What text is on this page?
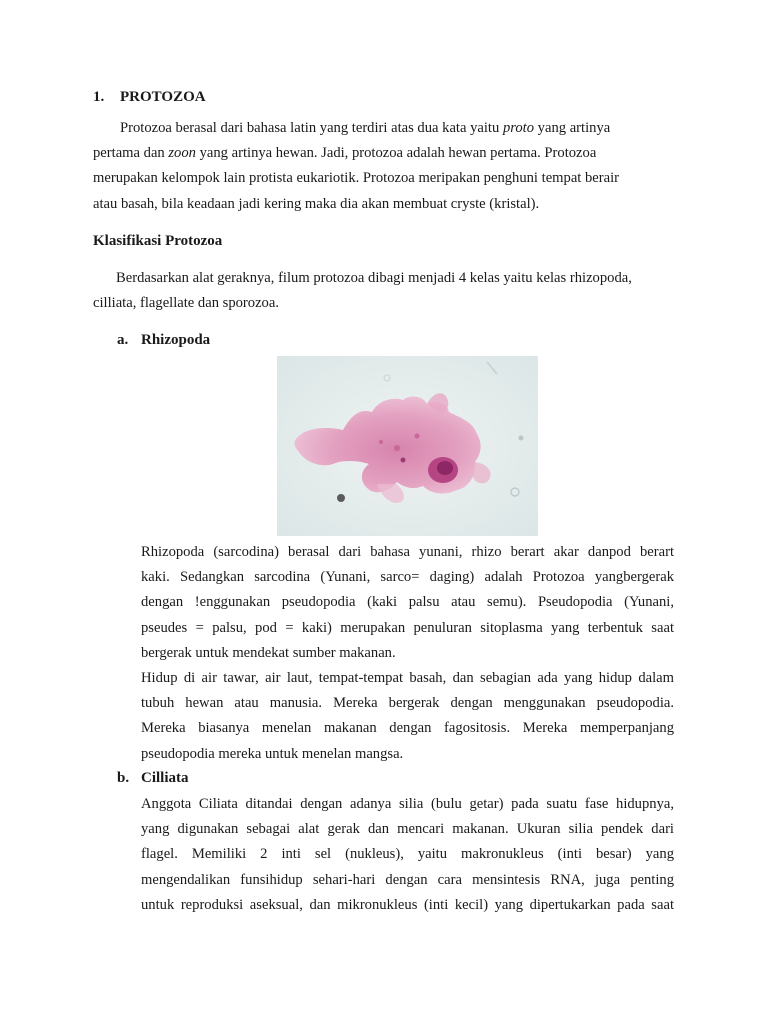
1. PROTOZOA
Protozoa berasal dari bahasa latin yang terdiri atas dua kata yaitu proto yang artinya
pertama dan zoon yang artinya hewan. Jadi, protozoa adalah hewan pertama. Protozoa
merupakan kelompok lain protista eukariotik. Protozoa meripakan penghuni tempat berair
atau basah, bila keadaan jadi kering maka dia akan membuat cryste (kristal).
Klasifikasi Protozoa
Berdasarkan alat geraknya, filum protozoa dibagi menjadi 4 kelas yaitu kelas rhizopoda,
cilliata, flagellate dan sporozoa.
a. Rhizopoda
Rhizopoda (sarcodina) berasal dari bahasa yunani, rhizo berart akar danpod berart
kaki. Sedangkan sarcodina (Yunani, sarco= daging) adalah Protozoa yangbergerak
dengan !enggunakan pseudopodia (kaki palsu atau semu). Pseudopodia (Yunani,
pseudes = palsu, pod = kaki) merupakan penuluran sitoplasma yang terbentuk saat
bergerak untuk mendekat sumber makanan.
Hidup di air tawar, air laut, tempat-tempat basah, dan sebagian ada yang hidup dalam
tubuh hewan atau manusia. Mereka bergerak dengan menggunakan pseudopodia.
Mereka biasanya menelan makanan dengan fagositosis. Mereka memperpanjang
pseudopodia mereka untuk menelan mangsa.
b. Cilliata
Anggota Ciliata ditandai dengan adanya silia (bulu getar) pada suatu fase hidupnya,
yang digunakan sebagai alat gerak dan mencari makanan. Ukuran silia pendek dari
flagel. Memiliki 2 inti sel (nukleus), yaitu makronukleus (inti besar) yang
mengendalikan funsihidup sehari-hari dengan cara mensintesis RNA, juga penting
untuk reproduksi aseksual, dan mikronukleus (inti kecil) yang dipertukarkan pada saat
